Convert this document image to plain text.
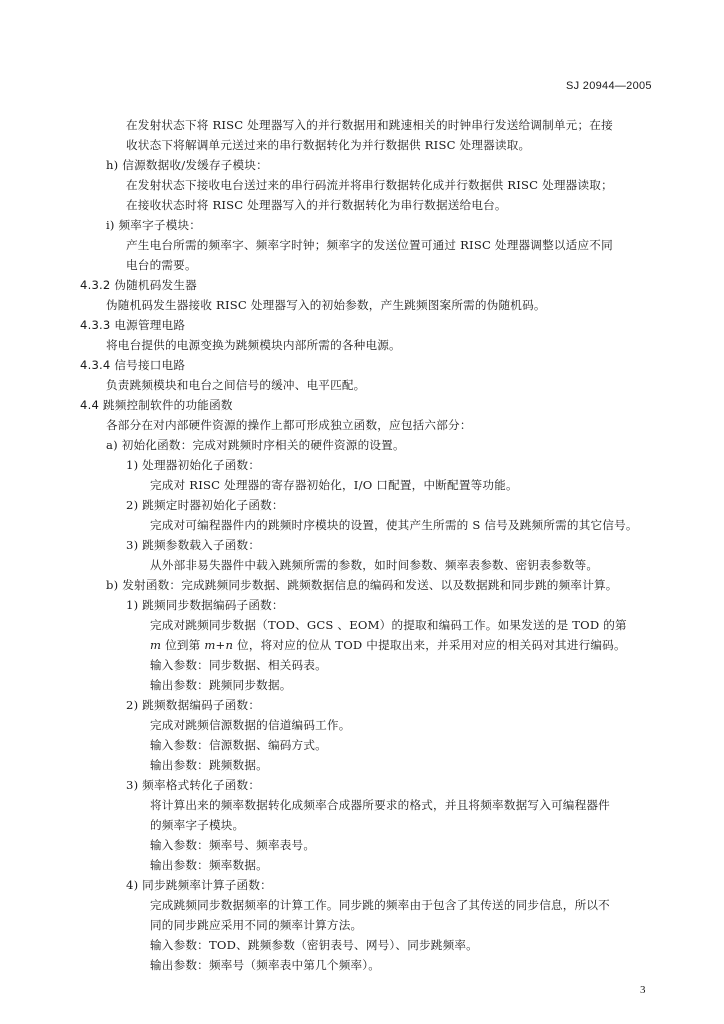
SJ 20944—2005
在发射状态下将 RISC 处理器写入的并行数据用和跳速相关的时钟串行发送给调制单元；在接
收状态下将解调单元送过来的串行数据转化为并行数据供 RISC 处理器读取。
h) 信源数据收/发缓存子模块：
在发射状态下接收电台送过来的串行码流并将串行数据转化成并行数据供 RISC 处理器读取；
在接收状态时将 RISC 处理器写入的并行数据转化为串行数据送给电台。
i) 频率字子模块：
产生电台所需的频率字、频率字时钟；频率字的发送位置可通过 RISC 处理器调整以适应不同
电台的需要。
4.3.2 伪随机码发生器
伪随机码发生器接收 RISC 处理器写入的初始参数，产生跳频图案所需的伪随机码。
4.3.3 电源管理电路
将电台提供的电源变换为跳频模块内部所需的各种电源。
4.3.4 信号接口电路
负责跳频模块和电台之间信号的缓冲、电平匹配。
4.4 跳频控制软件的功能函数
各部分在对内部硬件资源的操作上都可形成独立函数，应包括六部分：
a) 初始化函数：完成对跳频时序相关的硬件资源的设置。
1) 处理器初始化子函数：
完成对 RISC 处理器的寄存器初始化，I/O 口配置，中断配置等功能。
2) 跳频定时器初始化子函数：
完成对可编程器件内的跳频时序模块的设置，使其产生所需的 S 信号及跳频所需的其它信号。
3) 跳频参数载入子函数：
从外部非易失器件中载入跳频所需的参数，如时间参数、频率表参数、密钥表参数等。
b) 发射函数：完成跳频同步数据、跳频数据信息的编码和发送、以及数据跳和同步跳的频率计算。
1) 跳频同步数据编码子函数：
完成对跳频同步数据（TOD、GCS 、EOM）的提取和编码工作。如果发送的是 TOD 的第
m 位到第 m+n 位，将对应的位从 TOD 中提取出来，并采用对应的相关码对其进行编码。
输入参数：同步数据、相关码表。
输出参数：跳频同步数据。
2) 跳频数据编码子函数：
完成对跳频信源数据的信道编码工作。
输入参数：信源数据、编码方式。
输出参数：跳频数据。
3) 频率格式转化子函数：
将计算出来的频率数据转化成频率合成器所要求的格式，并且将频率数据写入可编程器件
的频率字子模块。
输入参数：频率号、频率表号。
输出参数：频率数据。
4) 同步跳频率计算子函数：
完成跳频同步数据频率的计算工作。同步跳的频率由于包含了其传送的同步信息，所以不
同的同步跳应采用不同的频率计算方法。
输入参数：TOD、跳频参数（密钥表号、网号）、同步跳频率。
输出参数：频率号（频率表中第几个频率）。
3
